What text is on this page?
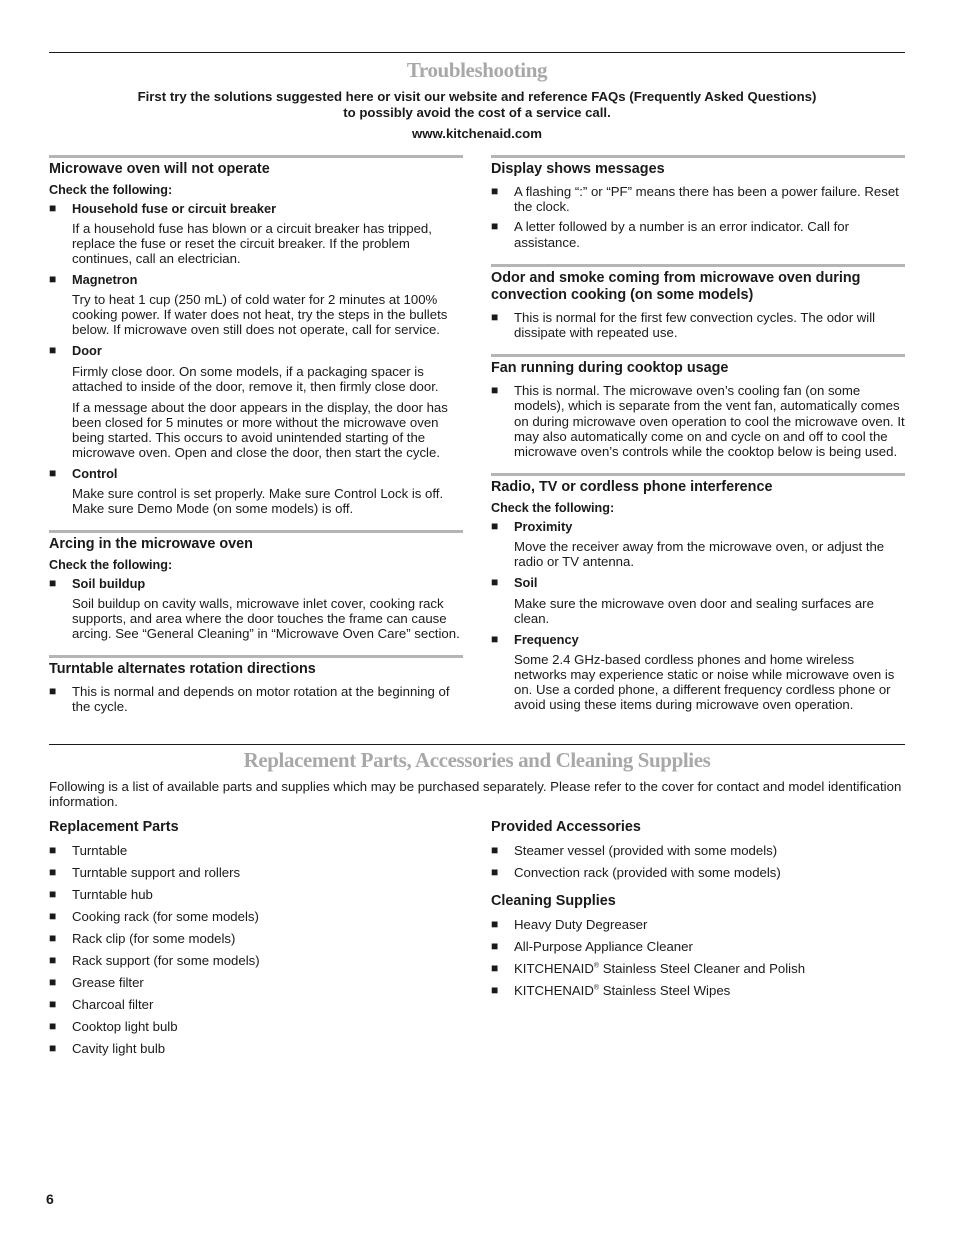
Troubleshooting
First try the solutions suggested here or visit our website and reference FAQs (Frequently Asked Questions)
to possibly avoid the cost of a service call.
www.kitchenaid.com
Microwave oven will not operate
Check the following:
■ Household fuse or circuit breaker
If a household fuse has blown or a circuit breaker has tripped, replace the fuse or reset the circuit breaker. If the problem continues, call an electrician.
■ Magnetron
Try to heat 1 cup (250 mL) of cold water for 2 minutes at 100% cooking power. If water does not heat, try the steps in the bullets below. If microwave oven still does not operate, call for service.
■ Door
Firmly close door. On some models, if a packaging spacer is attached to inside of the door, remove it, then firmly close door.
If a message about the door appears in the display, the door has been closed for 5 minutes or more without the microwave oven being started. This occurs to avoid unintended starting of the microwave oven. Open and close the door, then start the cycle.
■ Control
Make sure control is set properly. Make sure Control Lock is off. Make sure Demo Mode (on some models) is off.
Arcing in the microwave oven
Check the following:
■ Soil buildup
Soil buildup on cavity walls, microwave inlet cover, cooking rack supports, and area where the door touches the frame can cause arcing. See “General Cleaning” in “Microwave Oven Care” section.
Turntable alternates rotation directions
■ This is normal and depends on motor rotation at the beginning of the cycle.
Display shows messages
■ A flashing “:” or “PF” means there has been a power failure. Reset the clock.
■ A letter followed by a number is an error indicator. Call for assistance.
Odor and smoke coming from microwave oven during convection cooking (on some models)
■ This is normal for the first few convection cycles. The odor will dissipate with repeated use.
Fan running during cooktop usage
■ This is normal. The microwave oven’s cooling fan (on some models), which is separate from the vent fan, automatically comes on during microwave oven operation to cool the microwave oven. It may also automatically come on and cycle on and off to cool the microwave oven’s controls while the cooktop below is being used.
Radio, TV or cordless phone interference
Check the following:
■ Proximity
Move the receiver away from the microwave oven, or adjust the radio or TV antenna.
■ Soil
Make sure the microwave oven door and sealing surfaces are clean.
■ Frequency
Some 2.4 GHz-based cordless phones and home wireless networks may experience static or noise while microwave oven is on. Use a corded phone, a different frequency cordless phone or avoid using these items during microwave oven operation.
Replacement Parts, Accessories and Cleaning Supplies
Following is a list of available parts and supplies which may be purchased separately. Please refer to the cover for contact and model identification information.
Replacement Parts
■ Turntable
■ Turntable support and rollers
■ Turntable hub
■ Cooking rack (for some models)
■ Rack clip (for some models)
■ Rack support (for some models)
■ Grease filter
■ Charcoal filter
■ Cooktop light bulb
■ Cavity light bulb
Provided Accessories
■ Steamer vessel (provided with some models)
■ Convection rack (provided with some models)
Cleaning Supplies
■ Heavy Duty Degreaser
■ All-Purpose Appliance Cleaner
■ KITCHENAID® Stainless Steel Cleaner and Polish
■ KITCHENAID® Stainless Steel Wipes
6
